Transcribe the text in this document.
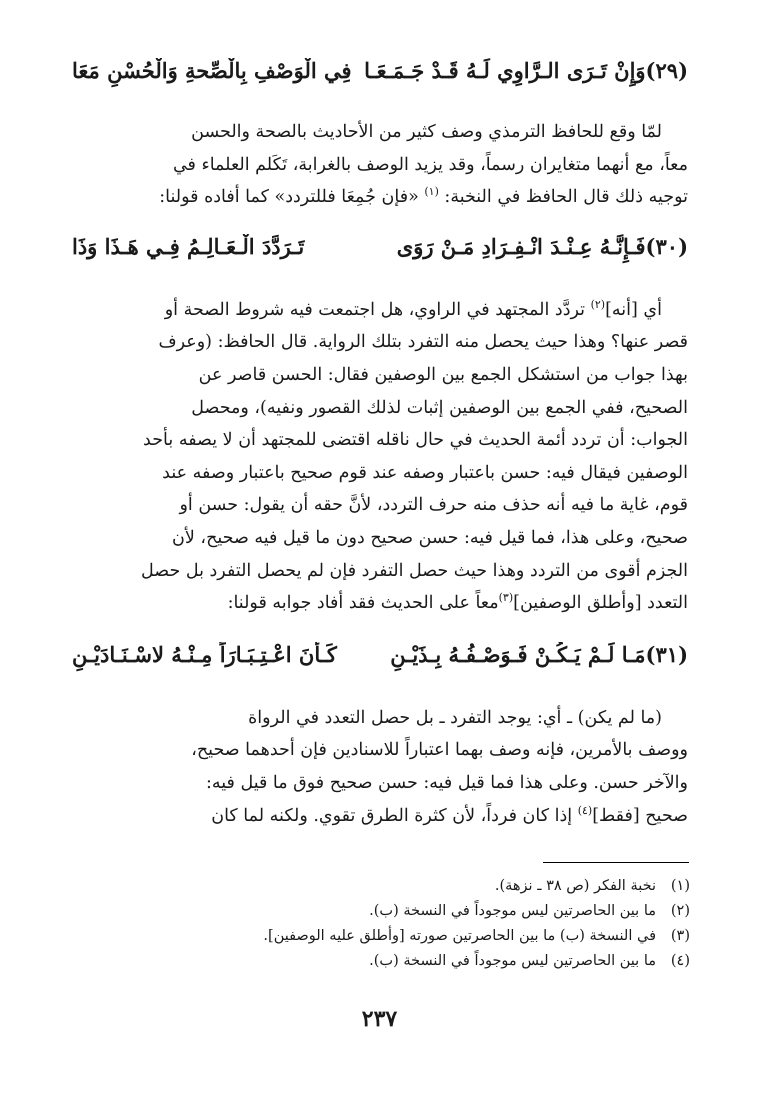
(٢٩)وَإِنْ تَـرَى الـرَّاوِي لَـهُ قَـدْ جَـمَـعَـا
فِي الْوَصْفِ بِالْصِّحةِ وَالْحُسْنِ مَعَا
لمّا وقع للحافظ الترمذي وصف كثير من الأحاديث بالصحة والحسن
معاً، مع أنهما متغايران رسماً، وقد يزيد الوصف بالغرابة، تَكَلم العلماء في
توجيه ذلك قال الحافظ في النخبة: $^{(١)}$ «فإن جُمِعَا فللتردد» كما أفاده قولنا:
(٣٠)فَـإِنَّـهُ عِـنْـدَ انْـفِـرَادِ مَـنْ رَوَى
تَـرَدَّدَ الْـعَـالِـمُ فِـي هَـذَا وَذَا
أي [أنه]$^{(٢)}$ تردَّد المجتهد في الراوي، هل اجتمعت فيه شروط الصحة أو
قصر عنها؟ وهذا حيث يحصل منه التفرد بتلك الرواية. قال الحافظ: (وعرف
بهذا جواب من استشكل الجمع بين الوصفين فقال: الحسن قاصر عن
الصحيح، ففي الجمع بين الوصفين إثبات لذلك القصور ونفيه)، ومحصل
الجواب: أن تردد أئمة الحديث في حال ناقله اقتضى للمجتهد أن لا يصفه بأحد
الوصفين فيقال فيه: حسن باعتبار وصفه عند قوم صحيح باعتبار وصفه عند
قوم، غاية ما فيه أنه حذف منه حرف التردد، لأنَّ حقه أن يقول: حسن أو
صحيح، وعلى هذا، فما قيل فيه: حسن صحيح دون ما قيل فيه صحيح، لأن
الجزم أقوى من التردد وهذا حيث حصل التفرد فإن لم يحصل التفرد بل حصل
التعدد [وأطلق الوصفين]$^{(٣)}$معاً على الحديث فقد أفاد جوابه قولنا:
(٣١)مَـا لَـمْ يَـكُـنْ فَـوَصْـفُـهُ بِـذَيْـنِ
كَـأَنَ اعْـتِـبَـارَاً مِـنْـهُ لاسْـنَـادَيْـنِ
(ما لم يكن) ـ أي: يوجد التفرد ـ بل حصل التعدد في الرواة
ووصف بالأمرين، فإنه وصف بهما اعتباراً للاسنادين فإن أحدهما صحيح،
والآخر حسن. وعلى هذا فما قيل فيه: حسن صحيح فوق ما قيل فيه:
صحيح [فقط]$^{(٤)}$ إذا كان فرداً، لأن كثرة الطرق تقوي. ولكنه لما كان
(١)
نخبة الفكر (ص ٣٨ ـ نزهة).
(٢)
ما بين الحاصرتين ليس موجوداً في النسخة (ب).
(٣)
في النسخة (ب) ما بين الحاصرتين صورته [وأطلق عليه الوصفين].
(٤)
ما بين الحاصرتين ليس موجوداً في النسخة (ب).
٢٣٧
